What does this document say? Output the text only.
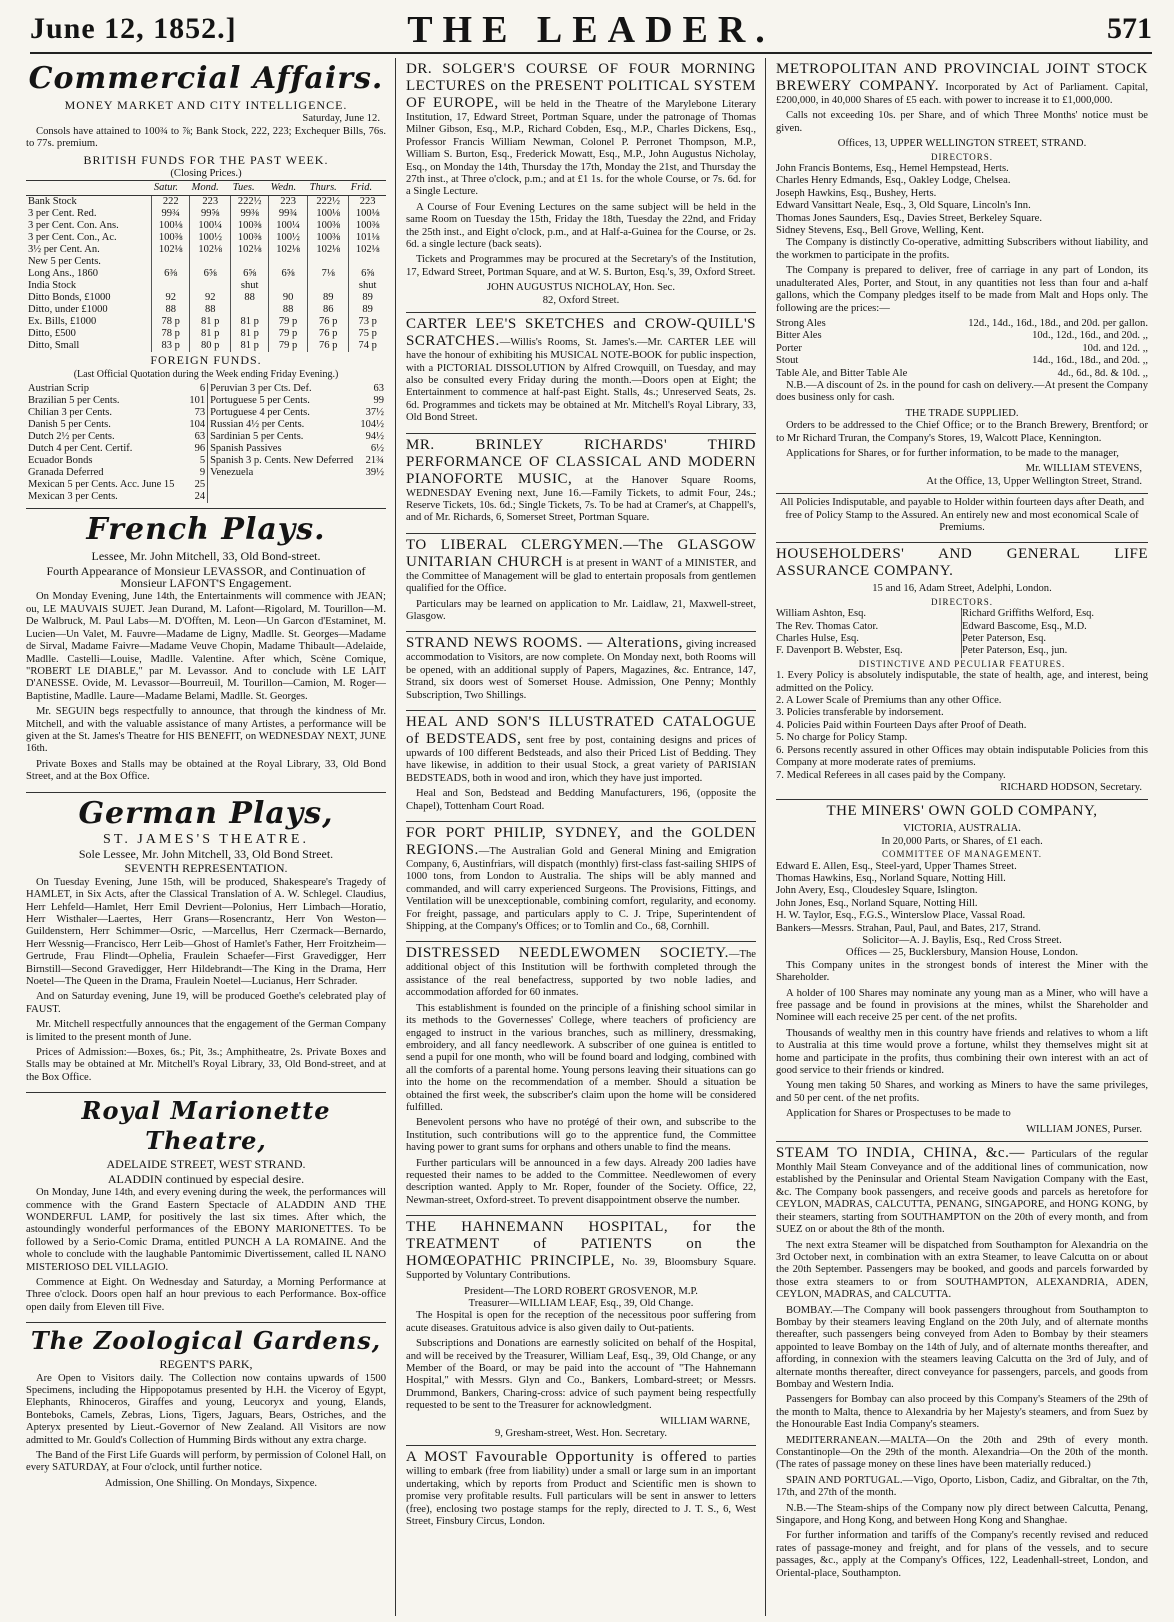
June 12, 1852.]	THE LEADER.	571
Commercial Affairs.
MONEY MARKET AND CITY INTELLIGENCE.
Saturday, June 12.

Consols have attained to 100¾ to ⅞; Bank Stock, 222, 223; Exchequer Bills, 76s. to 77s. premium.

BRITISH FUNDS FOR THE PAST WEEK.
(Closing Prices.)
	Satur.	Mond.	Tues.	Wedn.	Thurs.	Frid.
Bank Stock	222	223	222½	223	222½	223
3 per Cent. Red.	99¾	99⅝	99⅜	99¾	100⅛	100⅛
3 per Cent. Con. Ans.	100⅛	100¼	100⅜	100¼	100⅜	100⅜
3 per Cent. Con., Ac.	100⅜	100½	100⅜	100½	100⅜	101⅛
3½ per Cent. An.	102⅛	102⅛	102⅛	102⅛	102⅛	102⅛
New 5 per Cents.						
Long Ans., 1860	6⅜	6⅝	6⅝	6⅝	7⅛	6⅝
India Stock			shut			shut
Ditto Bonds, £1000	92	92	88	90	89	89
Ditto, under £1000	88	88		88	86	89
Ex. Bills, £1000	78 p	81 p	81 p	79 p	76 p	73 p
Ditto, £500	78 p	81 p	81 p	79 p	76 p	75 p
Ditto, Small	83 p	80 p	81 p	79 p	76 p	74 p
FOREIGN FUNDS.
(Last Official Quotation during the Week ending Friday Evening.)
Austrian Scrip	6	Peruvian 3 per Cts. Def.	63
Brazilian 5 per Cents.	101	Portuguese 5 per Cents.	99
Chilian 3 per Cents.	73	Portuguese 4 per Cents.	37½
Danish 5 per Cents.	104	Russian 4½ per Cents.	104½
Dutch 2½ per Cents.	63	Sardinian 5 per Cents.	94½
Dutch 4 per Cent. Certif.	96	Spanish Passives	6½
Ecuador Bonds	5	Spanish 3 p. Cents. New Deferred	21¾
Granada Deferred	9	Venezuela	39½
Mexican 5 per Cents. Acc. June 15	25		
Mexican 3 per Cents.	24		
French Plays.
Lessee, Mr. John Mitchell, 33, Old Bond-street.
Fourth Appearance of Monsieur LEVASSOR, and Continuation of Monsieur LAFONT'S Engagement.

On Monday Evening, June 14th, the Entertainments will commence with JEAN; ou, LE MAUVAIS SUJET. Jean Durand, M. Lafont—Rigolard, M. Tourillon—M. De Walbruck, M. Paul Labs—M. D'Offten, M. Leon—Un Garcon d'Estaminet, M. Lucien—Un Valet, M. Fauvre—Madame de Ligny, Madlle. St. Georges—Madame de Sirval, Madame Faivre—Madame Veuve Chopin, Madame Thibault—Adelaide, Madlle. Castelli—Louise, Madlle. Valentine. After which, Scène Comique, "ROBERT LE DIABLE," par M. Levassor. And to conclude with LE LAIT D'ANESSE. Ovide, M. Levassor—Bourreuil, M. Tourillon—Camion, M. Roger—Baptistine, Madlle. Laure—Madame Belami, Madlle. St. Georges.

Mr. SEGUIN begs respectfully to announce, that through the kindness of Mr. Mitchell, and with the valuable assistance of many Artistes, a performance will be given at the St. James's Theatre for HIS BENEFIT, on WEDNESDAY NEXT, JUNE 16th.

Private Boxes and Stalls may be obtained at the Royal Library, 33, Old Bond Street, and at the Box Office.

German Plays,
ST. JAMES'S THEATRE.
Sole Lessee, Mr. John Mitchell, 33, Old Bond Street.
SEVENTH REPRESENTATION.

On Tuesday Evening, June 15th, will be produced, Shakespeare's Tragedy of HAMLET, in Six Acts, after the Classical Translation of A. W. Schlegel. Claudius, Herr Lehfeld—Hamlet, Herr Emil Devrient—Polonius, Herr Limbach—Horatio, Herr Wisthaler—Laertes, Herr Grans—Rosencrantz, Herr Von Weston—Guildenstern, Herr Schimmer—Osric, —Marcellus, Herr Czermack—Bernardo, Herr Wessnig—Francisco, Herr Leib—Ghost of Hamlet's Father, Herr Froitzheim—Gertrude, Frau Flindt—Ophelia, Fraulein Schaefer—First Gravedigger, Herr Birnstill—Second Gravedigger, Herr Hildebrandt—The King in the Drama, Herr Noetel—The Queen in the Drama, Fraulein Noetel—Lucianus, Herr Schrader.

And on Saturday evening, June 19, will be produced Goethe's celebrated play of FAUST.

Mr. Mitchell respectfully announces that the engagement of the German Company is limited to the present month of June.

Prices of Admission:—Boxes, 6s.; Pit, 3s.; Amphitheatre, 2s. Private Boxes and Stalls may be obtained at Mr. Mitchell's Royal Library, 33, Old Bond-street, and at the Box Office.

Royal Marionette Theatre,
ADELAIDE STREET, WEST STRAND.
ALADDIN continued by especial desire.

On Monday, June 14th, and every evening during the week, the performances will commence with the Grand Eastern Spectacle of ALADDIN AND THE WONDERFUL LAMP, for positively the last six times. After which, the astoundingly wonderful performances of the EBONY MARIONETTES. To be followed by a Serio-Comic Drama, entitled PUNCH A LA ROMAINE. And the whole to conclude with the laughable Pantomimic Divertissement, called IL NANO MISTERIOSO DEL VILLAGIO.

Commence at Eight. On Wednesday and Saturday, a Morning Performance at Three o'clock. Doors open half an hour previous to each Performance. Box-office open daily from Eleven till Five.

The Zoological Gardens,
REGENT'S PARK,

Are Open to Visitors daily. The Collection now contains upwards of 1500 Specimens, including the Hippopotamus presented by H.H. the Viceroy of Egypt, Elephants, Rhinoceros, Giraffes and young, Leucoryx and young, Elands, Bonteboks, Camels, Zebras, Lions, Tigers, Jaguars, Bears, Ostriches, and the Apteryx presented by Lieut.-Governor of New Zealand. All Visitors are now admitted to Mr. Gould's Collection of Humming Birds without any extra charge.

The Band of the First Life Guards will perform, by permission of Colonel Hall, on every SATURDAY, at Four o'clock, until further notice.

Admission, One Shilling. On Mondays, Sixpence.

DR. SOLGER'S COURSE OF FOUR MORNING LECTURES on the PRESENT POLITICAL SYSTEM OF EUROPE, will be held in the Theatre of the Marylebone Literary Institution, 17, Edward Street, Portman Square, under the patronage of Thomas Milner Gibson, Esq., M.P., Richard Cobden, Esq., M.P., Charles Dickens, Esq., Professor Francis William Newman, Colonel P. Perronet Thompson, M.P., William S. Burton, Esq., Frederick Mowatt, Esq., M.P., John Augustus Nicholay, Esq., on Monday the 14th, Thursday the 17th, Monday the 21st, and Thursday the 27th inst., at Three o'clock, p.m.; and at £1 1s. for the whole Course, or 7s. 6d. for a Single Lecture.

A Course of Four Evening Lectures on the same subject will be held in the same Room on Tuesday the 15th, Friday the 18th, Tuesday the 22nd, and Friday the 25th inst., and Eight o'clock, p.m., and at Half-a-Guinea for the Course, or 2s. 6d. a single lecture (back seats).

Tickets and Programmes may be procured at the Secretary's of the Institution, 17, Edward Street, Portman Square, and at W. S. Burton, Esq.'s, 39, Oxford Street.

JOHN AUGUSTUS NICHOLAY, Hon. Sec.
82, Oxford Street.

CARTER LEE'S SKETCHES and CROW-QUILL'S SCRATCHES.—Willis's Rooms, St. James's.—Mr. CARTER LEE will have the honour of exhibiting his MUSICAL NOTE-BOOK for public inspection, with a PICTORIAL DISSOLUTION by Alfred Crowquill, on Tuesday, and may also be consulted every Friday during the month.—Doors open at Eight; the Entertainment to commence at half-past Eight. Stalls, 4s.; Unreserved Seats, 2s. 6d. Programmes and tickets may be obtained at Mr. Mitchell's Royal Library, 33, Old Bond Street.

MR. BRINLEY RICHARDS' THIRD PERFORMANCE OF CLASSICAL AND MODERN PIANOFORTE MUSIC, at the Hanover Square Rooms, WEDNESDAY Evening next, June 16.—Family Tickets, to admit Four, 24s.; Reserve Tickets, 10s. 6d.; Single Tickets, 7s. To be had at Cramer's, at Chappell's, and of Mr. Richards, 6, Somerset Street, Portman Square.

TO LIBERAL CLERGYMEN.—The GLASGOW UNITARIAN CHURCH is at present in WANT of a MINISTER, and the Committee of Management will be glad to entertain proposals from gentlemen qualified for the Office.

Particulars may be learned on application to Mr. Laidlaw, 21, Maxwell-street, Glasgow.

STRAND NEWS ROOMS. — Alterations, giving increased accommodation to Visitors, are now complete. On Monday next, both Rooms will be opened, with an additional supply of Papers, Magazines, &c. Entrance, 147, Strand, six doors west of Somerset House. Admission, One Penny; Monthly Subscription, Two Shillings.

HEAL AND SON'S ILLUSTRATED CATALOGUE of BEDSTEADS, sent free by post, containing designs and prices of upwards of 100 different Bedsteads, and also their Priced List of Bedding. They have likewise, in addition to their usual Stock, a great variety of PARISIAN BEDSTEADS, both in wood and iron, which they have just imported.

Heal and Son, Bedstead and Bedding Manufacturers, 196, (opposite the Chapel), Tottenham Court Road.

FOR PORT PHILIP, SYDNEY, and the GOLDEN REGIONS.—The Australian Gold and General Mining and Emigration Company, 6, Austinfriars, will dispatch (monthly) first-class fast-sailing SHIPS of 1000 tons, from London to Australia. The ships will be ably manned and commanded, and will carry experienced Surgeons. The Provisions, Fittings, and Ventilation will be unexceptionable, combining comfort, regularity, and economy. For freight, passage, and particulars apply to C. J. Tripe, Superintendent of Shipping, at the Company's Offices; or to Tomlin and Co., 68, Cornhill.

DISTRESSED NEEDLEWOMEN SOCIETY.—The additional object of this Institution will be forthwith completed through the assistance of the real benefactress, supported by two noble ladies, and accommodation afforded for 60 inmates.

This establishment is founded on the principle of a finishing school similar in its methods to the Governesses' College, where teachers of proficiency are engaged to instruct in the various branches, such as millinery, dressmaking, embroidery, and all fancy needlework. A subscriber of one guinea is entitled to send a pupil for one month, who will be found board and lodging, combined with all the comforts of a parental home. Young persons leaving their situations can go into the home on the recommendation of a member. Should a situation be obtained the first week, the subscriber's claim upon the home will be considered fulfilled.

Benevolent persons who have no protégé of their own, and subscribe to the Institution, such contributions will go to the apprentice fund, the Committee having power to grant sums for orphans and others unable to find the means.

Further particulars will be announced in a few days. Already 200 ladies have requested their names to be added to the Committee. Needlewomen of every description wanted. Apply to Mr. Roper, founder of the Society. Office, 22, Newman-street, Oxford-street. To prevent disappointment observe the number.

THE HAHNEMANN HOSPITAL, for the TREATMENT of PATIENTS on the HOMŒOPATHIC PRINCIPLE, No. 39, Bloomsbury Square. Supported by Voluntary Contributions.

President—The LORD ROBERT GROSVENOR, M.P.
Treasurer—WILLIAM LEAF, Esq., 39, Old Change.

The Hospital is open for the reception of the necessitous poor suffering from acute diseases. Gratuitous advice is also given daily to Out-patients.

Subscriptions and Donations are earnestly solicited on behalf of the Hospital, and will be received by the Treasurer, William Leaf, Esq., 39, Old Change, or any Member of the Board, or may be paid into the account of "The Hahnemann Hospital," with Messrs. Glyn and Co., Bankers, Lombard-street; or Messrs. Drummond, Bankers, Charing-cross: advice of such payment being respectfully requested to be sent to the Treasurer for acknowledgment.

WILLIAM WARNE,
9, Gresham-street, West. Hon. Secretary.

A MOST Favourable Opportunity is offered to parties willing to embark (free from liability) under a small or large sum in an important undertaking, which by reports from Product and Scientific men is shown to promise very profitable results. Full particulars will be sent in answer to letters (free), enclosing two postage stamps for the reply, directed to J. T. S., 6, West Street, Finsbury Circus, London.

METROPOLITAN AND PROVINCIAL JOINT STOCK BREWERY COMPANY. Incorporated by Act of Parliament. Capital, £200,000, in 40,000 Shares of £5 each. with power to increase it to £1,000,000.

Calls not exceeding 10s. per Share, and of which Three Months' notice must be given.

Offices, 13, UPPER WELLINGTON STREET, STRAND.
DIRECTORS.
John Francis Bontems, Esq., Hemel Hempstead, Herts.
Charles Henry Edmands, Esq., Oakley Lodge, Chelsea.
Joseph Hawkins, Esq., Bushey, Herts.
Edward Vansittart Neale, Esq., 3, Old Square, Lincoln's Inn.
Thomas Jones Saunders, Esq., Davies Street, Berkeley Square.
Sidney Stevens, Esq., Bell Grove, Welling, Kent.

The Company is distinctly Co-operative, admitting Subscribers without liability, and the workmen to participate in the profits.

The Company is prepared to deliver, free of carriage in any part of London, its unadulterated Ales, Porter, and Stout, in any quantities not less than four and a-half gallons, which the Company pledges itself to be made from Malt and Hops only. The following are the prices:—

Strong Ales	12d., 14d., 16d., 18d., and 20d. per gallon.
Bitter Ales	10d., 12d., 16d., and 20d. ,,
Porter	10d. and 12d. ,,
Stout	14d., 16d., 18d., and 20d. ,,
Table Ale, and Bitter Table Ale	4d., 6d., 8d. & 10d. ,,

N.B.—A discount of 2s. in the pound for cash on delivery.—At present the Company does business only for cash.

THE TRADE SUPPLIED.

Orders to be addressed to the Chief Office; or to the Branch Brewery, Brentford; or to Mr Richard Truran, the Company's Stores, 19, Walcott Place, Kennington.

Applications for Shares, or for further information, to be made to the manager,

Mr. WILLIAM STEVENS,
At the Office, 13, Upper Wellington Street, Strand.

All Policies Indisputable, and payable to Holder within fourteen days after Death, and free of Policy Stamp to the Assured. An entirely new and most economical Scale of Premiums.

HOUSEHOLDERS' AND GENERAL LIFE ASSURANCE COMPANY.

15 and 16, Adam Street, Adelphi, London.
DIRECTORS.
William Ashton, Esq.	Richard Griffiths Welford, Esq.
The Rev. Thomas Cator.	Edward Bascome, Esq., M.D.
Charles Hulse, Esq.	Peter Paterson, Esq.
F. Davenport B. Webster, Esq.	Peter Paterson, Esq., jun.
DISTINCTIVE AND PECULIAR FEATURES.
1. Every Policy is absolutely indisputable, the state of health, age, and interest, being admitted on the Policy.
2. A Lower Scale of Premiums than any other Office.
3. Policies transferable by indorsement.
4. Policies Paid within Fourteen Days after Proof of Death.
5. No charge for Policy Stamp.
6. Persons recently assured in other Offices may obtain indisputable Policies from this Company at more moderate rates of premiums.
7. Medical Referees in all cases paid by the Company.
RICHARD HODSON, Secretary.

THE MINERS' OWN GOLD COMPANY,

VICTORIA, AUSTRALIA.
In 20,000 Parts, or Shares, of £1 each.
COMMITTEE OF MANAGEMENT.
Edward E. Allen, Esq., Steel-yard, Upper Thames Street.
Thomas Hawkins, Esq., Norland Square, Notting Hill.
John Avery, Esq., Cloudesley Square, Islington.
John Jones, Esq., Norland Square, Notting Hill.
H. W. Taylor, Esq., F.G.S., Winterslow Place, Vassal Road.
Bankers—Messrs. Strahan, Paul, Paul, and Bates, 217, Strand.
Solicitor—A. J. Baylis, Esq., Red Cross Street.
Offices — 25, Bucklersbury, Mansion House, London.

This Company unites in the strongest bonds of interest the Miner with the Shareholder.

A holder of 100 Shares may nominate any young man as a Miner, who will have a free passage and be found in provisions at the mines, whilst the Shareholder and Nominee will each receive 25 per cent. of the net profits.

Thousands of wealthy men in this country have friends and relatives to whom a lift to Australia at this time would prove a fortune, whilst they themselves might sit at home and participate in the profits, thus combining their own interest with an act of good service to their friends or kindred.

Young men taking 50 Shares, and working as Miners to have the same privileges, and 50 per cent. of the net profits.

Application for Shares or Prospectuses to be made to

WILLIAM JONES, Purser.

STEAM TO INDIA, CHINA, &c.— Particulars of the regular Monthly Mail Steam Conveyance and of the additional lines of communication, now established by the Peninsular and Oriental Steam Navigation Company with the East, &c. The Company book passengers, and receive goods and parcels as heretofore for CEYLON, MADRAS, CALCUTTA, PENANG, SINGAPORE, and HONG KONG, by their steamers, starting from SOUTHAMPTON on the 20th of every month, and from SUEZ on or about the 8th of the month.

The next extra Steamer will be dispatched from Southampton for Alexandria on the 3rd October next, in combination with an extra Steamer, to leave Calcutta on or about the 20th September. Passengers may be booked, and goods and parcels forwarded by those extra steamers to or from SOUTHAMPTON, ALEXANDRIA, ADEN, CEYLON, MADRAS, and CALCUTTA.

BOMBAY.—The Company will book passengers throughout from Southampton to Bombay by their steamers leaving England on the 20th July, and of alternate months thereafter, such passengers being conveyed from Aden to Bombay by their steamers appointed to leave Bombay on the 14th of July, and of alternate months thereafter, and affording, in connexion with the steamers leaving Calcutta on the 3rd of July, and of alternate months thereafter, direct conveyance for passengers, parcels, and goods from Bombay and Western India.

Passengers for Bombay can also proceed by this Company's Steamers of the 29th of the month to Malta, thence to Alexandria by her Majesty's steamers, and from Suez by the Honourable East India Company's steamers.

MEDITERRANEAN.—MALTA—On the 20th and 29th of every month. Constantinople—On the 29th of the month. Alexandria—On the 20th of the month. (The rates of passage money on these lines have been materially reduced.)

SPAIN AND PORTUGAL.—Vigo, Oporto, Lisbon, Cadiz, and Gibraltar, on the 7th, 17th, and 27th of the month.

N.B.—The Steam-ships of the Company now ply direct between Calcutta, Penang, Singapore, and Hong Kong, and between Hong Kong and Shanghae.

For further information and tariffs of the Company's recently revised and reduced rates of passage-money and freight, and for plans of the vessels, and to secure passages, &c., apply at the Company's Offices, 122, Leadenhall-street, London, and Oriental-place, Southampton.
